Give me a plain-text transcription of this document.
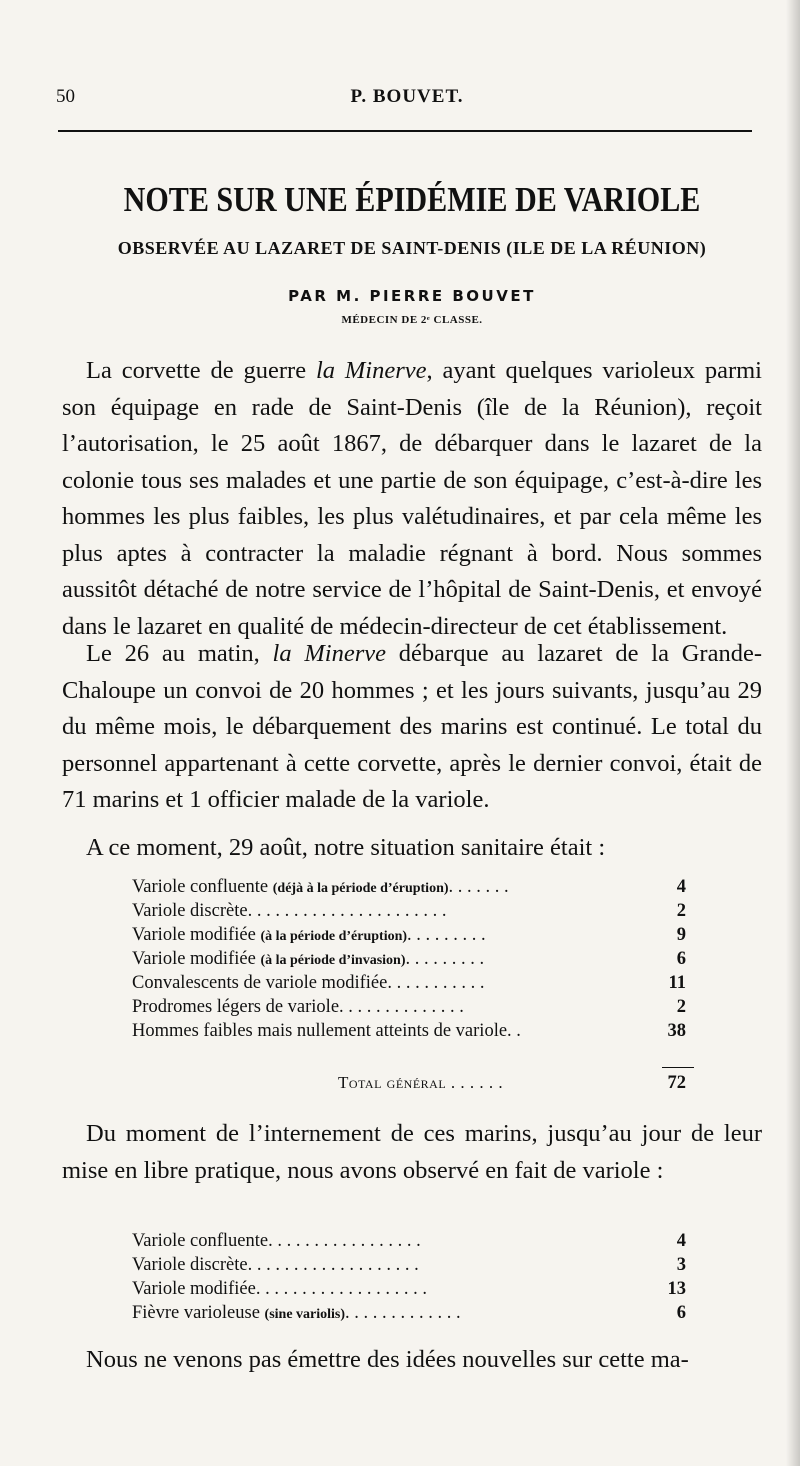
50	P. BOUVET.
NOTE SUR UNE ÉPIDÉMIE DE VARIOLE
OBSERVÉE AU LAZARET DE SAINT-DENIS (ILE DE LA RÉUNION)
PAR M. PIERRE BOUVET
MÉDECIN DE 2ᵉ CLASSE.

La corvette de guerre la Minerve, ayant quelques varioleux parmi son équipage en rade de Saint-Denis (île de la Réunion), reçoit l’autorisation, le 25 août 1867, de débarquer dans le lazaret de la colonie tous ses malades et une partie de son équipage, c’est-à-dire les hommes les plus faibles, les plus valétudinaires, et par cela même les plus aptes à contracter la maladie régnant à bord. Nous sommes aussitôt détaché de notre service de l’hôpital de Saint-Denis, et envoyé dans le lazaret en qualité de médecin-directeur de cet établissement.

Le 26 au matin, la Minerve débarque au lazaret de la Grande-Chaloupe un convoi de 20 hommes ; et les jours suivants, jusqu’au 29 du même mois, le débarquement des marins est continué. Le total du personnel appartenant à cette corvette, après le dernier convoi, était de 71 marins et 1 officier malade de la variole.

A ce moment, 29 août, notre situation sanitaire était :

Variole confluente (déjà à la période d’éruption). . . . . . .	4
Variole discrète. . . . . . . . . . . . . . . . . . . . . .	2
Variole modifiée (à la période d’éruption). . . . . . . . .	9
Variole modifiée (à la période d’invasion). . . . . . . . .	6
Convalescents de variole modifiée. . . . . . . . . . .	11
Prodromes légers de variole. . . . . . . . . . . . . .	2
Hommes faibles mais nullement atteints de variole. .	38
Total général . . . . . .	72

Du moment de l’internement de ces marins, jusqu’au jour de leur mise en libre pratique, nous avons observé en fait de variole :

Variole confluente. . . . . . . . . . . . . . . . .	4
Variole discrète. . . . . . . . . . . . . . . . . . .	3
Variole modifiée. . . . . . . . . . . . . . . . . . .	13
Fièvre varioleuse (sine variolis). . . . . . . . . . . . .	6

Nous ne venons pas émettre des idées nouvelles sur cette ma-
